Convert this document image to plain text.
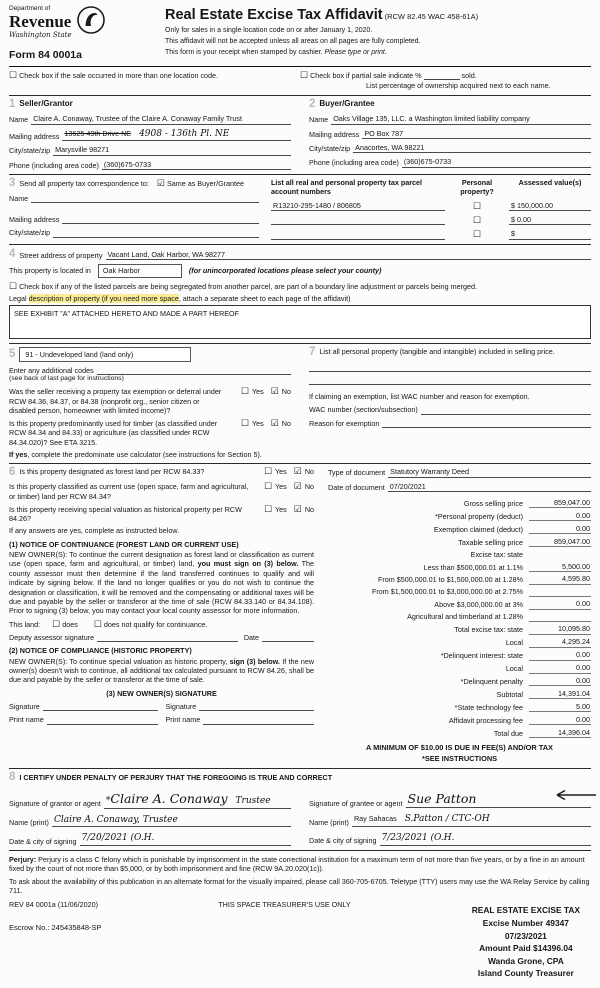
Department of
Revenue
Washington State
Form 84 0001a
Real Estate Excise Tax Affidavit (RCW 82.45 WAC 458-61A)
Only for sales in a single location code on or after January 1, 2020.
This affidavit will not be accepted unless all areas on all pages are fully completed.
This form is your receipt when stamped by cashier. Please type or print.
☐ Check box if the sale occurred in more than one location code.	☐ Check box if partial sale indicate %	sold.
List percentage of ownership acquired next to each name.
1 Seller/Grantor
Name Claire A. Conaway, Trustee of the Claire A. Conaway Family Trust
Mailing address 13625 49th Drive NE 4908 - 136th Pl. NE
City/state/zip Marysville 98271
Phone (including area code) (360)675-0733
2 Buyer/Grantee
Name Oaks Village 135, LLC. a Washington limited liability company
Mailing address PO Box 787
City/state/zip Anacortes, WA 98221
Phone (including area code) (360)675-0733
3 Send all property tax correspondence to: ☑ Same as Buyer/Grantee
Name
Mailing address
City/state/zip
List all real and personal property tax parcel account numbers
Personal property?
Assessed value(s)
R13210-295-1480 / 806805	☐	$ 150,000.00
☐	$ 0.00
☐	$
4 Street address of property Vacant Land, Oak Harbor, WA 98277
This property is located in Oak Harbor	(for unincorporated locations please select your county)
☐ Check box if any of the listed parcels are being segregated from another parcel, are part of a boundary line adjustment or parcels being merged.
Legal description of property (if you need more space, attach a separate sheet to each page of the affidavit)
SEE EXHIBIT "A" ATTACHED HERETO AND MADE A PART HEREOF
5	91 - Undeveloped land (land only)
Enter any additional codes
(see back of last page for instructions)
Was the seller receiving a property tax exemption or deferral under RCW 84.36, 84.37, or 84.38 (nonprofit org., senior citizen or disabled person, homeowner with limited income)?
☐ Yes ☑ No
Is this property predominantly used for timber (as classified under RCW 84.34 and 84.33) or agriculture (as classified under RCW 84.34.020)? See ETA 3215.
☐ Yes ☑ No
If yes, complete the predominate use calculator (see instructions for Section 5).
7 List all personal property (tangible and intangible) included in selling price.
If claiming an exemption, list WAC number and reason for exemption.
WAC number (section/subsection)
Reason for exemption
6 Is this property designated as forest land per RCW 84.33?	☐ Yes ☑ No
Is this property classified as current use (open space, farm and agricultural, or timber) land per RCW 84.34?
☐ Yes ☑ No
Is this property receiving special valuation as historical property per RCW 84.26?
☐ Yes ☑ No
If any answers are yes, complete as instructed below.
(1) NOTICE OF CONTINUANCE (FOREST LAND OR CURRENT USE)
NEW OWNER(S): To continue the current designation as forest land or classification as current use (open space, farm and agricultural, or timber) land, you must sign on (3) below. The county assessor must then determine if the land transferred continues to qualify and will indicate by signing below. If the land no longer qualifies or you do not wish to continue the designation or classification, it will be removed and the compensating or additional taxes will be due and payable by the seller or transferor at the time of sale (RCW 84.33.140 or 84.34.108). Prior to signing (3) below, you may contact your local county assessor for more information.
This land: ☐ does ☐ does not qualify for continuance.
Deputy assessor signature	Date
(2) NOTICE OF COMPLIANCE (HISTORIC PROPERTY)
NEW OWNER(S): To continue special valuation as historic property, sign (3) below. If the new owner(s) doesn't wish to continue, all additional tax calculated pursuant to RCW 84.26, shall be due and payable by the seller or transferor at the time of sale.
(3) NEW OWNER(S) SIGNATURE
Signature	Signature
Print name	Print name
Type of document Statutory Warranty Deed
Date of document 07/20/2021
Gross selling price	859,047.00
*Personal property (deduct)	0.00
Exemption claimed (deduct)	0.00
Taxable selling price	859,047.00
Excise tax: state
Less than $500,000.01 at 1.1%	5,500.00
From $500,000.01 to $1,500,000.00 at 1.28%	4,595.80
From $1,500,000.01 to $3,000,000.00 at 2.75%
Above $3,000,000.00 at 3%	0.00
Agricultural and timberland at 1.28%
Total excise tax: state	10,095.80
Local	4,295.24
*Delinquent interest: state	0.00
Local	0.00
*Delinquent penalty	0.00
Subtotal	14,391.04
*State technology fee	5.00
Affidavit processing fee	0.00
Total due	14,396.04
A MINIMUM OF $10.00 IS DUE IN FEE(S) AND/OR TAX
*SEE INSTRUCTIONS
8 I CERTIFY UNDER PENALTY OF PERJURY THAT THE FOREGOING IS TRUE AND CORRECT
Signature of grantor or agent *Claire A. Conaway Trustee
Name (print) Claire A. Conaway, Trustee
Date & city of signing 7/20/2021 (O.H.
Signature of grantee or agent Sue Patton
Name (print) Ray Sahacas S.Patton / CTC-OH
Date & city of signing 7/23/2021 (O.H.
Perjury: Perjury is a class C felony which is punishable by imprisonment in the state correctional institution for a maximum term of not more than five years, or by a fine in an amount fixed by the court of not more than $5,000, or by both imprisonment and fine (RCW 9A.20.020(1c)).
To ask about the availability of this publication in an alternate format for the visually impaired, please call 360-705-6705. Teletype (TTY) users may use the WA Relay Service by calling 711.
REV 84 0001a (11/06/2020)	THIS SPACE TREASURER'S USE ONLY
Escrow No.: 245435848-SP
REAL ESTATE EXCISE TAX
Excise Number 49347
07/23/2021
Amount Paid $14396.04
Wanda Grone, CPA
Island County Treasurer
